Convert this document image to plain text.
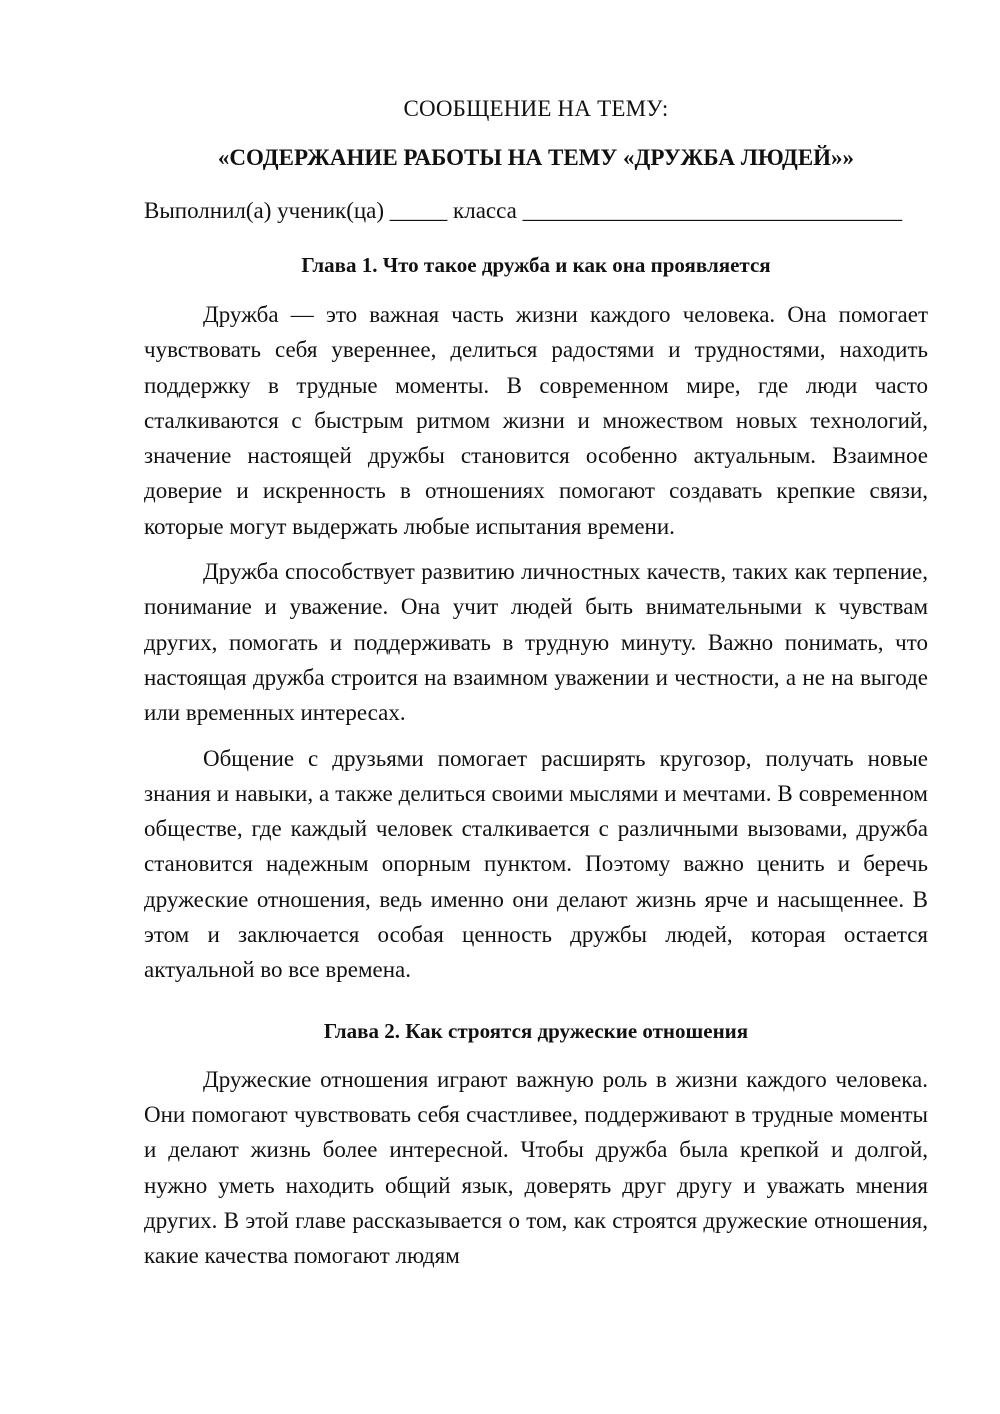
СООБЩЕНИЕ НА ТЕМУ:
«СОДЕРЖАНИЕ РАБОТЫ НА ТЕМУ «ДРУЖБА ЛЮДЕЙ»»

Выполнил(а) ученик(ца) _____ класса _________________________________

Глава 1. Что такое дружба и как она проявляется

Дружба — это важная часть жизни каждого человека. Она помогает чувствовать себя увереннее, делиться радостями и трудностями, находить поддержку в трудные моменты. В современном мире, где люди часто сталкиваются с быстрым ритмом жизни и множеством новых технологий, значение настоящей дружбы становится особенно актуальным. Взаимное доверие и искренность в отношениях помогают создавать крепкие связи, которые могут выдержать любые испытания времени.

Дружба способствует развитию личностных качеств, таких как терпение, понимание и уважение. Она учит людей быть внимательными к чувствам других, помогать и поддерживать в трудную минуту. Важно понимать, что настоящая дружба строится на взаимном уважении и честности, а не на выгоде или временных интересах.

Общение с друзьями помогает расширять кругозор, получать новые знания и навыки, а также делиться своими мыслями и мечтами. В современном обществе, где каждый человек сталкивается с различными вызовами, дружба становится надежным опорным пунктом. Поэтому важно ценить и беречь дружеские отношения, ведь именно они делают жизнь ярче и насыщеннее. В этом и заключается особая ценность дружбы людей, которая остается актуальной во все времена.

Глава 2. Как строятся дружеские отношения

Дружеские отношения играют важную роль в жизни каждого человека. Они помогают чувствовать себя счастливее, поддерживают в трудные моменты и делают жизнь более интересной. Чтобы дружба была крепкой и долгой, нужно уметь находить общий язык, доверять друг другу и уважать мнения других. В этой главе рассказывается о том, как строятся дружеские отношения, какие качества помогают людям
